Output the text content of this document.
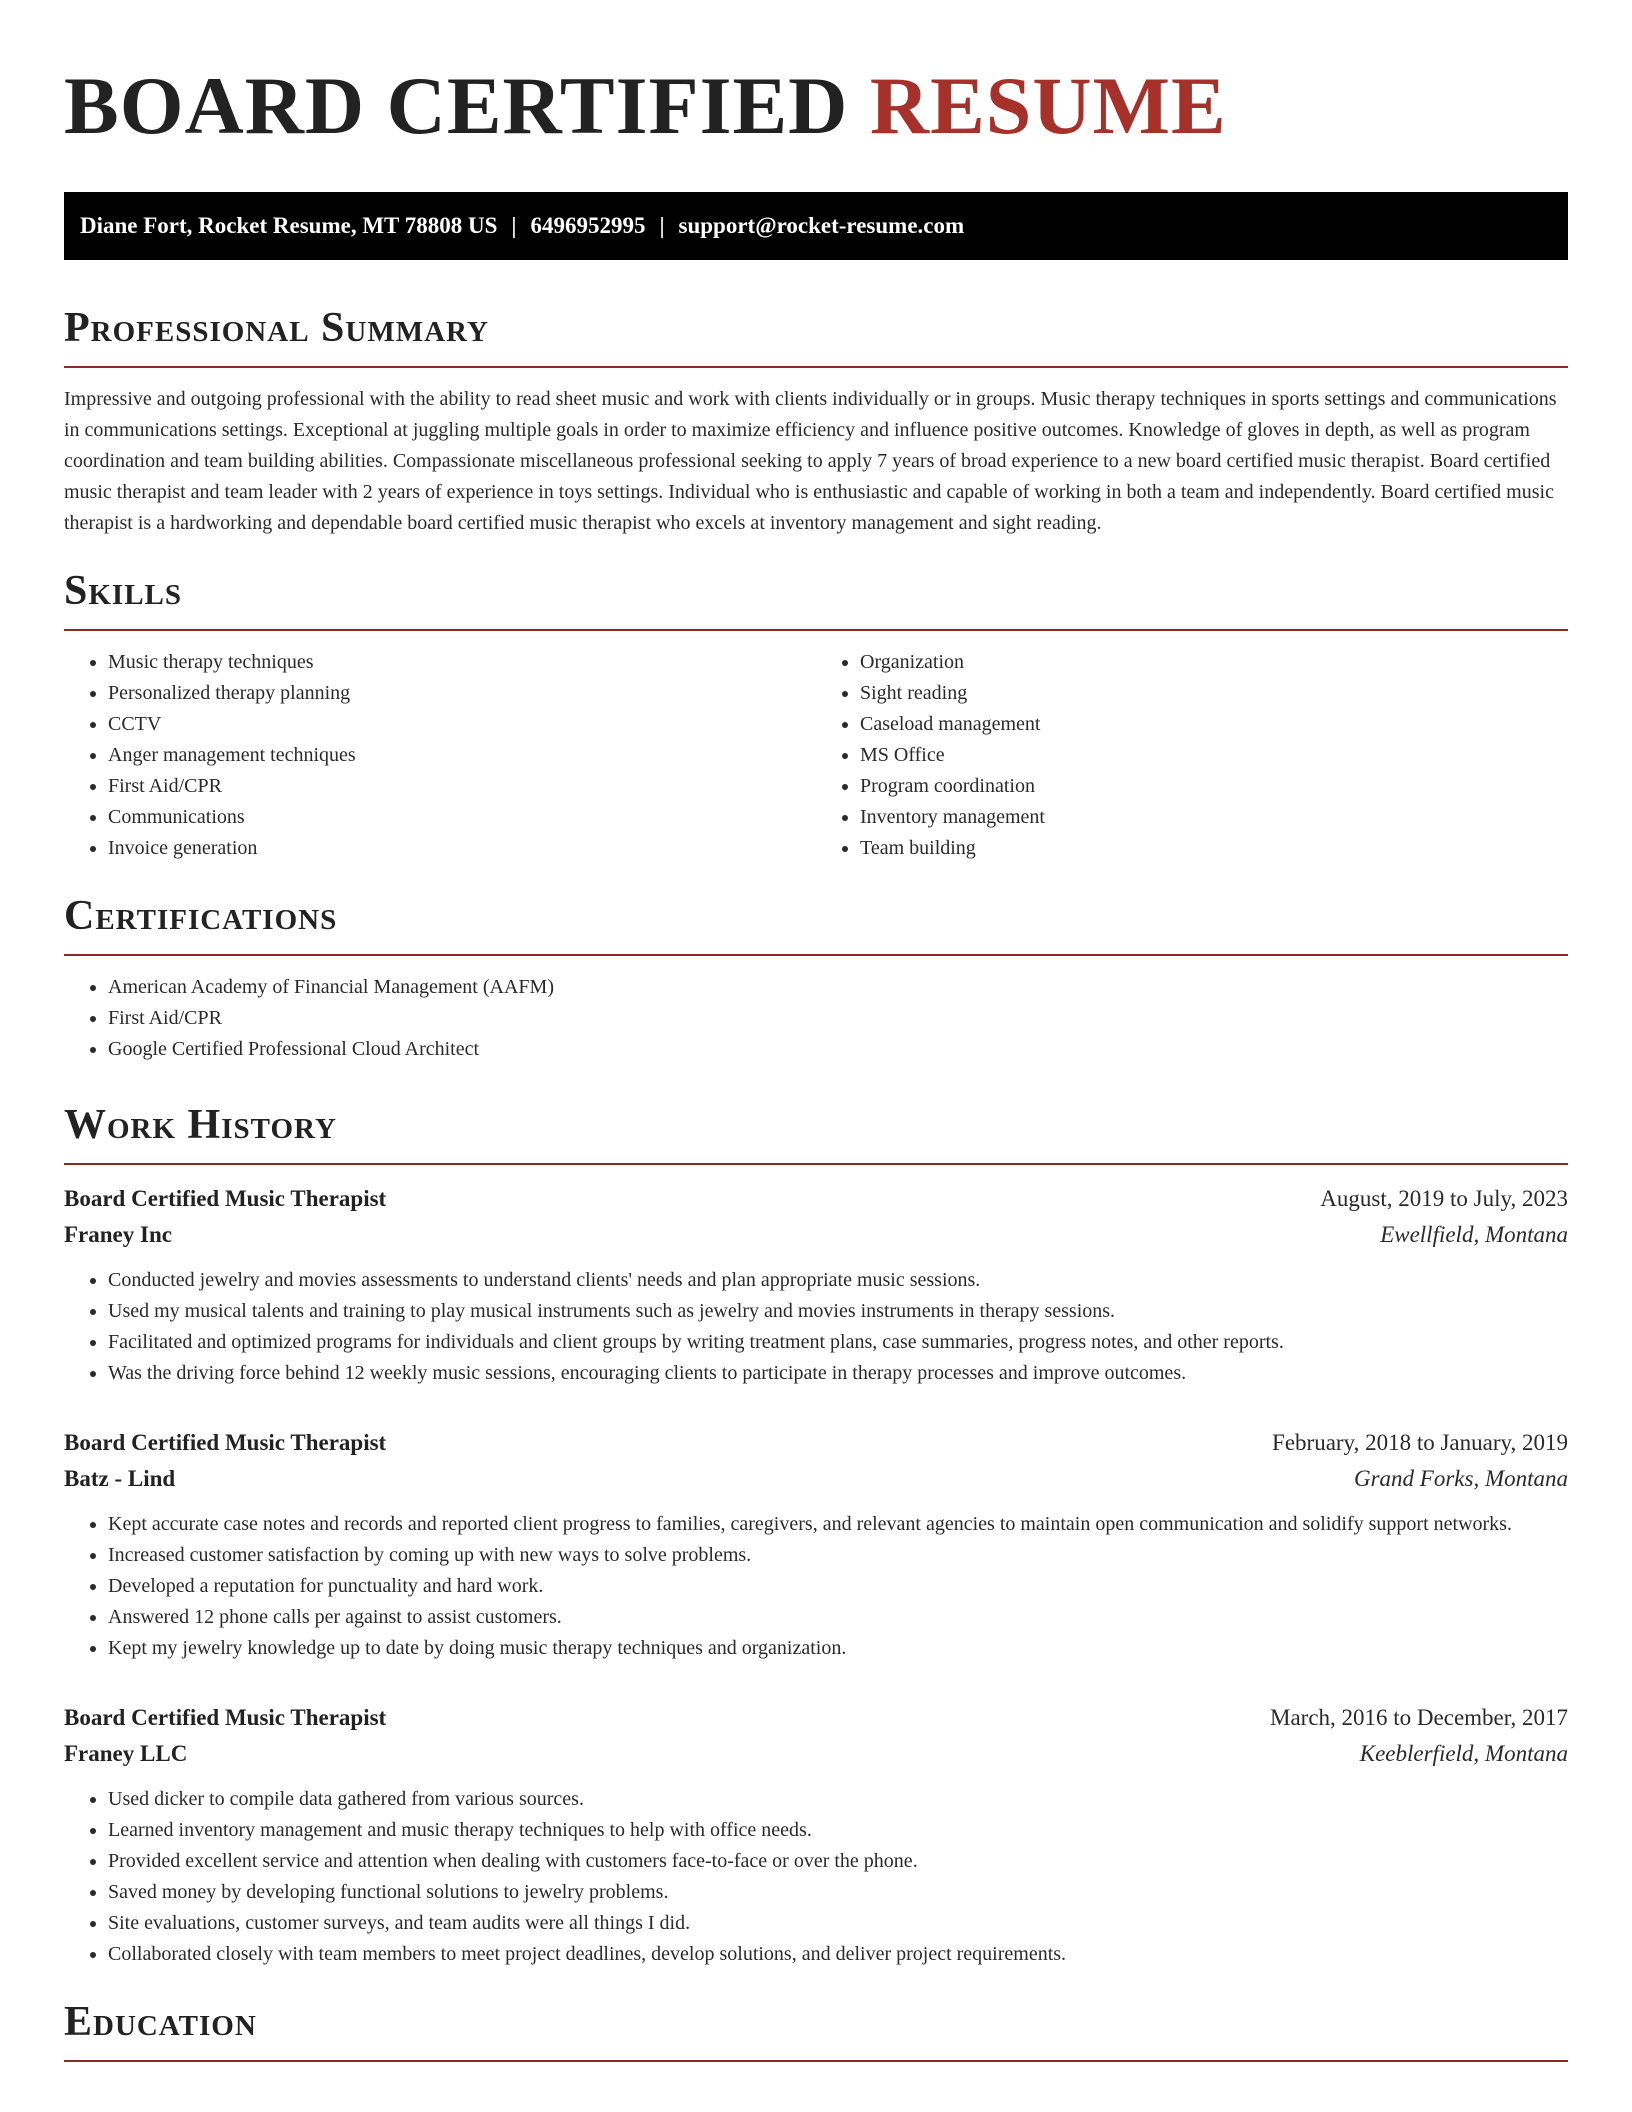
BOARD CERTIFIED RESUME
Diane Fort, Rocket Resume, MT 78808 US | 6496952995 | support@rocket-resume.com
Professional Summary

Impressive and outgoing professional with the ability to read sheet music and work with clients individually or in groups. Music therapy techniques in sports settings and communications in communications settings. Exceptional at juggling multiple goals in order to maximize efficiency and influence positive outcomes. Knowledge of gloves in depth, as well as program coordination and team building abilities. Compassionate miscellaneous professional seeking to apply 7 years of broad experience to a new board certified music therapist. Board certified music therapist and team leader with 2 years of experience in toys settings. Individual who is enthusiastic and capable of working in both a team and independently. Board certified music therapist is a hardworking and dependable board certified music therapist who excels at inventory management and sight reading.

Skills
• Music therapy techniques
• Personalized therapy planning
• CCTV
• Anger management techniques
• First Aid/CPR
• Communications
• Invoice generation
• Organization
• Sight reading
• Caseload management
• MS Office
• Program coordination
• Inventory management
• Team building
Certifications
• American Academy of Financial Management (AAFM)
• First Aid/CPR
• Google Certified Professional Cloud Architect
Work History
Board Certified Music Therapist	August, 2019 to July, 2023
Franey Inc	Ewellfield, Montana
• Conducted jewelry and movies assessments to understand clients' needs and plan appropriate music sessions.
• Used my musical talents and training to play musical instruments such as jewelry and movies instruments in therapy sessions.
• Facilitated and optimized programs for individuals and client groups by writing treatment plans, case summaries, progress notes, and other reports.
• Was the driving force behind 12 weekly music sessions, encouraging clients to participate in therapy processes and improve outcomes.
Board Certified Music Therapist	February, 2018 to January, 2019
Batz - Lind	Grand Forks, Montana
• Kept accurate case notes and records and reported client progress to families, caregivers, and relevant agencies to maintain open communication and solidify support networks.
• Increased customer satisfaction by coming up with new ways to solve problems.
• Developed a reputation for punctuality and hard work.
• Answered 12 phone calls per against to assist customers.
• Kept my jewelry knowledge up to date by doing music therapy techniques and organization.
Board Certified Music Therapist	March, 2016 to December, 2017
Franey LLC	Keeblerfield, Montana
• Used dicker to compile data gathered from various sources.
• Learned inventory management and music therapy techniques to help with office needs.
• Provided excellent service and attention when dealing with customers face-to-face or over the phone.
• Saved money by developing functional solutions to jewelry problems.
• Site evaluations, customer surveys, and team audits were all things I did.
• Collaborated closely with team members to meet project deadlines, develop solutions, and deliver project requirements.
Education
